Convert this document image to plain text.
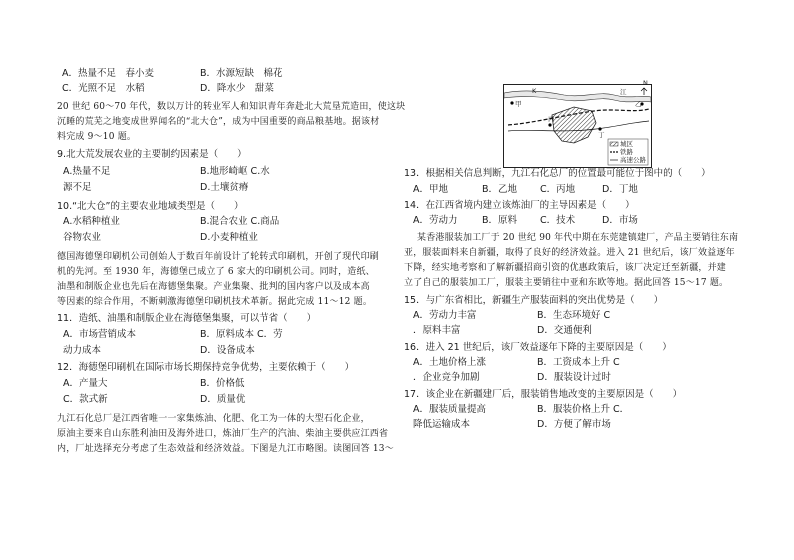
A．热量不足　春小麦	B．水源短缺　棉花
C．光照不足　水稻	D．降水少　甜菜
20 世纪 60～70 年代，数以万计的转业军人和知识青年奔赴北大荒垦荒造田，使这块
沉睡的荒芜之地变成世界闻名的“北大仓”，成为中国重要的商品粮基地。据该材
料完成 9～10 题。
9.北大荒发展农业的主要制约因素是（　　）
A.热量不足	B.地形崎岖 C.水
源不足	D.土壤贫瘠
10.“北大仓”的主要农业地域类型是（　　）
A.水稻种植业	B.混合农业 C.商品
谷物农业	D.小麦种植业
德国海德堡印刷机公司创始人于数百年前设计了轮转式印刷机，开创了现代印刷
机的先河。至 1930 年，海德堡已成立了 6 家大的印刷机公司。同时，造纸、
油墨和制版企业也先后在海德堡集聚。产业集聚、批判的国内客户以及成本高
等因素的综合作用，不断刺激海德堡印刷机技术革新。据此完成 11～12 题。
11．造纸、油墨和制版企业在海德堡集聚，可以节省（　　）
A．市场营销成本	B．原料成本 C．劳
动力成本	D．设备成本
12．海德堡印刷机在国际市场长期保持竞争优势，主要依赖于（　　）
A．产量大	B．价格低
C．款式新	D．质量优
九江石化总厂是江西省唯一一家集炼油、化肥、化工为一体的大型石化企业，
原油主要来自山东胜利油田及海外进口，炼油厂生产的汽油、柴油主要供应江西省
内，厂址选择充分考虑了生态效益和经济效益。下图是九江市略图。读图回答 13～
K	江
N
甲	乙
丙
丁
城区
铁路
高速公路
13．根据相关信息判断，九江石化总厂的位置最可能位于图中的（　　）
A．甲地	B．乙地 C．丙地	D．丁地
14．在江西省境内建立该炼油厂的主导因素是（　　）
A．劳动力	B．原料 C．技术	D．市场
某香港服装加工厂于 20 世纪 90 年代中期在东莞建镇建厂，产品主要销往东南
亚，服装面料来自新疆，取得了良好的经济效益。进入 21 世纪后，该厂效益逐年
下降，经实地考察和了解新疆招商引资的优惠政策后，该厂决定迁至新疆，并建
立了自己的服装加工厂，服装主要销往中亚和东欧等地。据此回答 15～17 题。
15．与广东省相比，新疆生产服装面料的突出优势是（　　）
A．劳动力丰富	B．生态环境好 C
．原料丰富	D．交通便利
16．进入 21 世纪后，该厂效益逐年下降的主要原因是（　　）
A．土地价格上涨	B．工资成本上升 C
．企业竞争加剧	D．服装设计过时
17．该企业在新疆建厂后，服装销售地改变的主要原因是（　　）
A．服装质量提高	B．服装价格上升 C．
降低运输成本	D．方便了解市场
